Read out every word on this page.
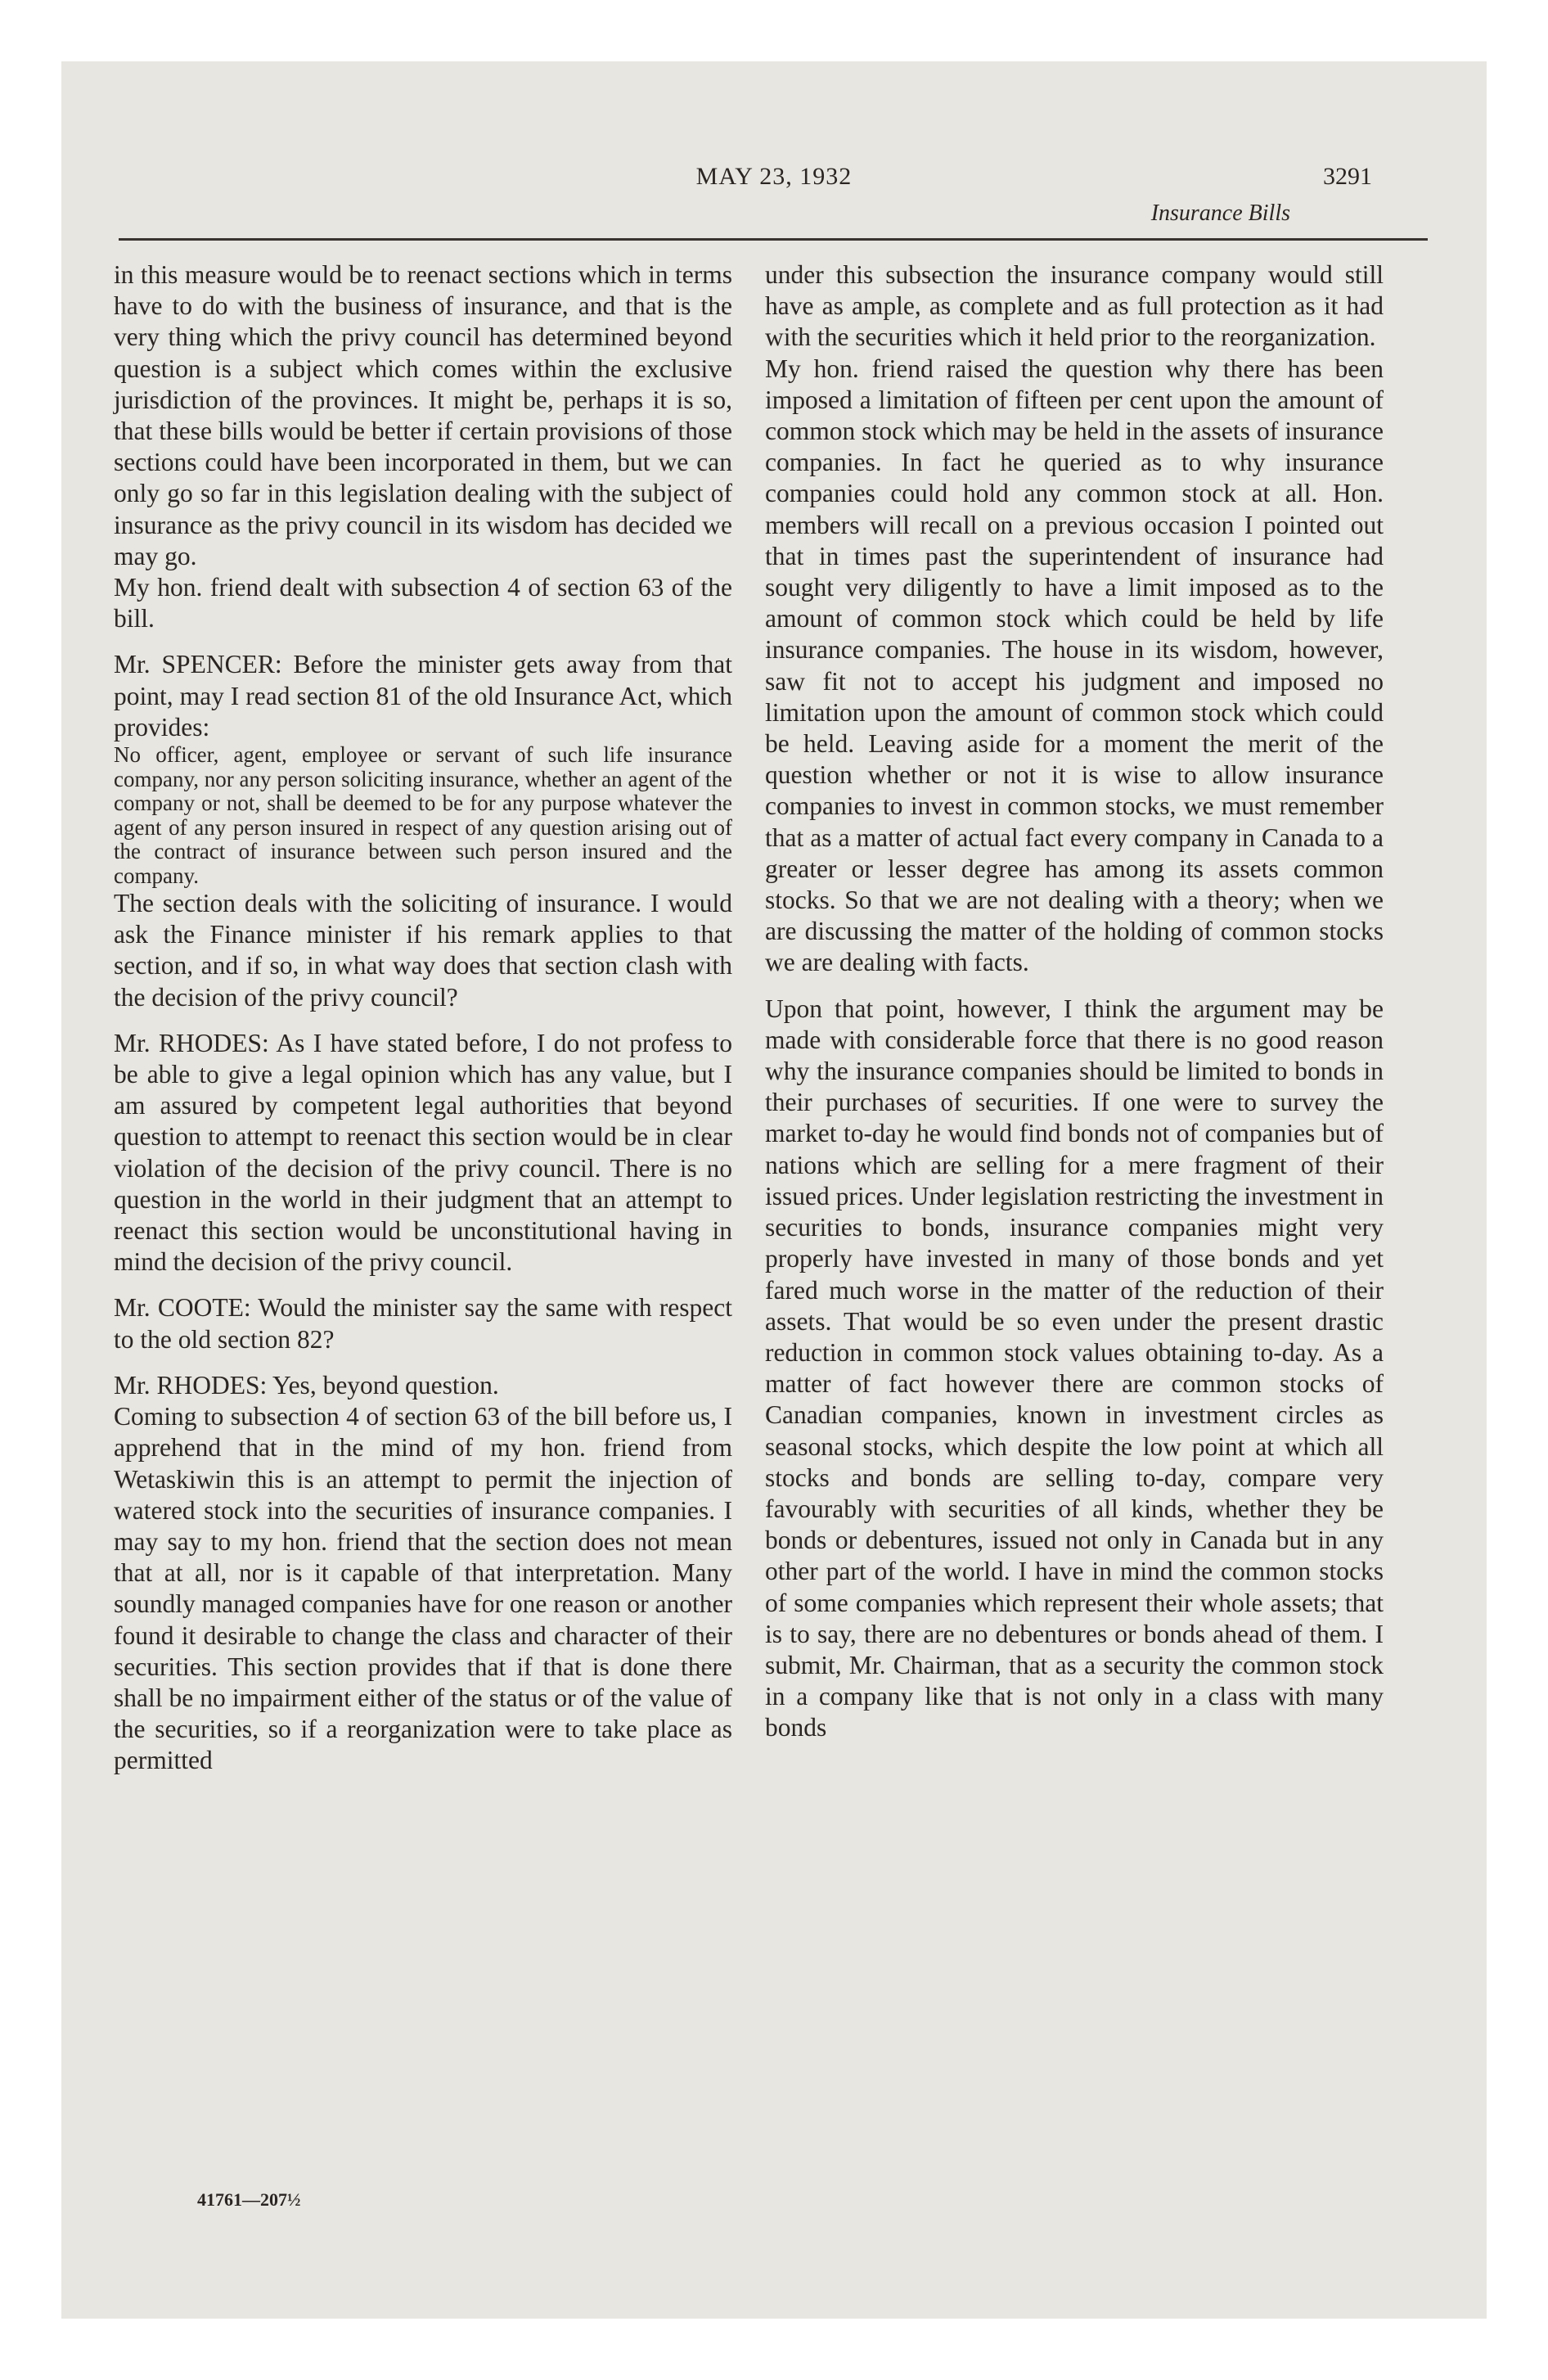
MAY 23, 1932	3291
Insurance Bills

in this measure would be to reenact sections which in terms have to do with the business of insurance, and that is the very thing which the privy council has determined beyond question is a subject which comes within the exclusive jurisdiction of the provinces. It might be, perhaps it is so, that these bills would be better if certain provisions of those sections could have been incorporated in them, but we can only go so far in this legislation dealing with the subject of insurance as the privy council in its wisdom has decided we may go.

My hon. friend dealt with subsection 4 of section 63 of the bill.

Mr. SPENCER: Before the minister gets away from that point, may I read section 81 of the old Insurance Act, which provides:

No officer, agent, employee or servant of such life insurance company, nor any person soliciting insurance, whether an agent of the company or not, shall be deemed to be for any purpose whatever the agent of any person insured in respect of any question arising out of the contract of insurance between such person insured and the company.

The section deals with the soliciting of insurance. I would ask the Finance minister if his remark applies to that section, and if so, in what way does that section clash with the decision of the privy council?

Mr. RHODES: As I have stated before, I do not profess to be able to give a legal opinion which has any value, but I am assured by competent legal authorities that beyond question to attempt to reenact this section would be in clear violation of the decision of the privy council. There is no question in the world in their judgment that an attempt to reenact this section would be unconstitutional having in mind the decision of the privy council.

Mr. COOTE: Would the minister say the same with respect to the old section 82?

Mr. RHODES: Yes, beyond question.

Coming to subsection 4 of section 63 of the bill before us, I apprehend that in the mind of my hon. friend from Wetaskiwin this is an attempt to permit the injection of watered stock into the securities of insurance companies. I may say to my hon. friend that the section does not mean that at all, nor is it capable of that interpretation. Many soundly managed companies have for one reason or another found it desirable to change the class and character of their securities. This section provides that if that is done there shall be no impairment either of the status or of the value of the securities, so if a reorganization were to take place as permitted

under this subsection the insurance company would still have as ample, as complete and as full protection as it had with the securities which it held prior to the reorganization.

My hon. friend raised the question why there has been imposed a limitation of fifteen per cent upon the amount of common stock which may be held in the assets of insurance companies. In fact he queried as to why insurance companies could hold any common stock at all. Hon. members will recall on a previous occasion I pointed out that in times past the superintendent of insurance had sought very diligently to have a limit imposed as to the amount of common stock which could be held by life insurance companies. The house in its wisdom, however, saw fit not to accept his judgment and imposed no limitation upon the amount of common stock which could be held. Leaving aside for a moment the merit of the question whether or not it is wise to allow insurance companies to invest in common stocks, we must remember that as a matter of actual fact every company in Canada to a greater or lesser degree has among its assets common stocks. So that we are not dealing with a theory; when we are discussing the matter of the holding of common stocks we are dealing with facts.

Upon that point, however, I think the argument may be made with considerable force that there is no good reason why the insurance companies should be limited to bonds in their purchases of securities. If one were to survey the market to-day he would find bonds not of companies but of nations which are selling for a mere fragment of their issued prices. Under legislation restricting the investment in securities to bonds, insurance companies might very properly have invested in many of those bonds and yet fared much worse in the matter of the reduction of their assets. That would be so even under the present drastic reduction in common stock values obtaining to-day. As a matter of fact however there are common stocks of Canadian companies, known in investment circles as seasonal stocks, which despite the low point at which all stocks and bonds are selling to-day, compare very favourably with securities of all kinds, whether they be bonds or debentures, issued not only in Canada but in any other part of the world. I have in mind the common stocks of some companies which represent their whole assets; that is to say, there are no debentures or bonds ahead of them. I submit, Mr. Chairman, that as a security the common stock in a company like that is not only in a class with many bonds

41761—207½
